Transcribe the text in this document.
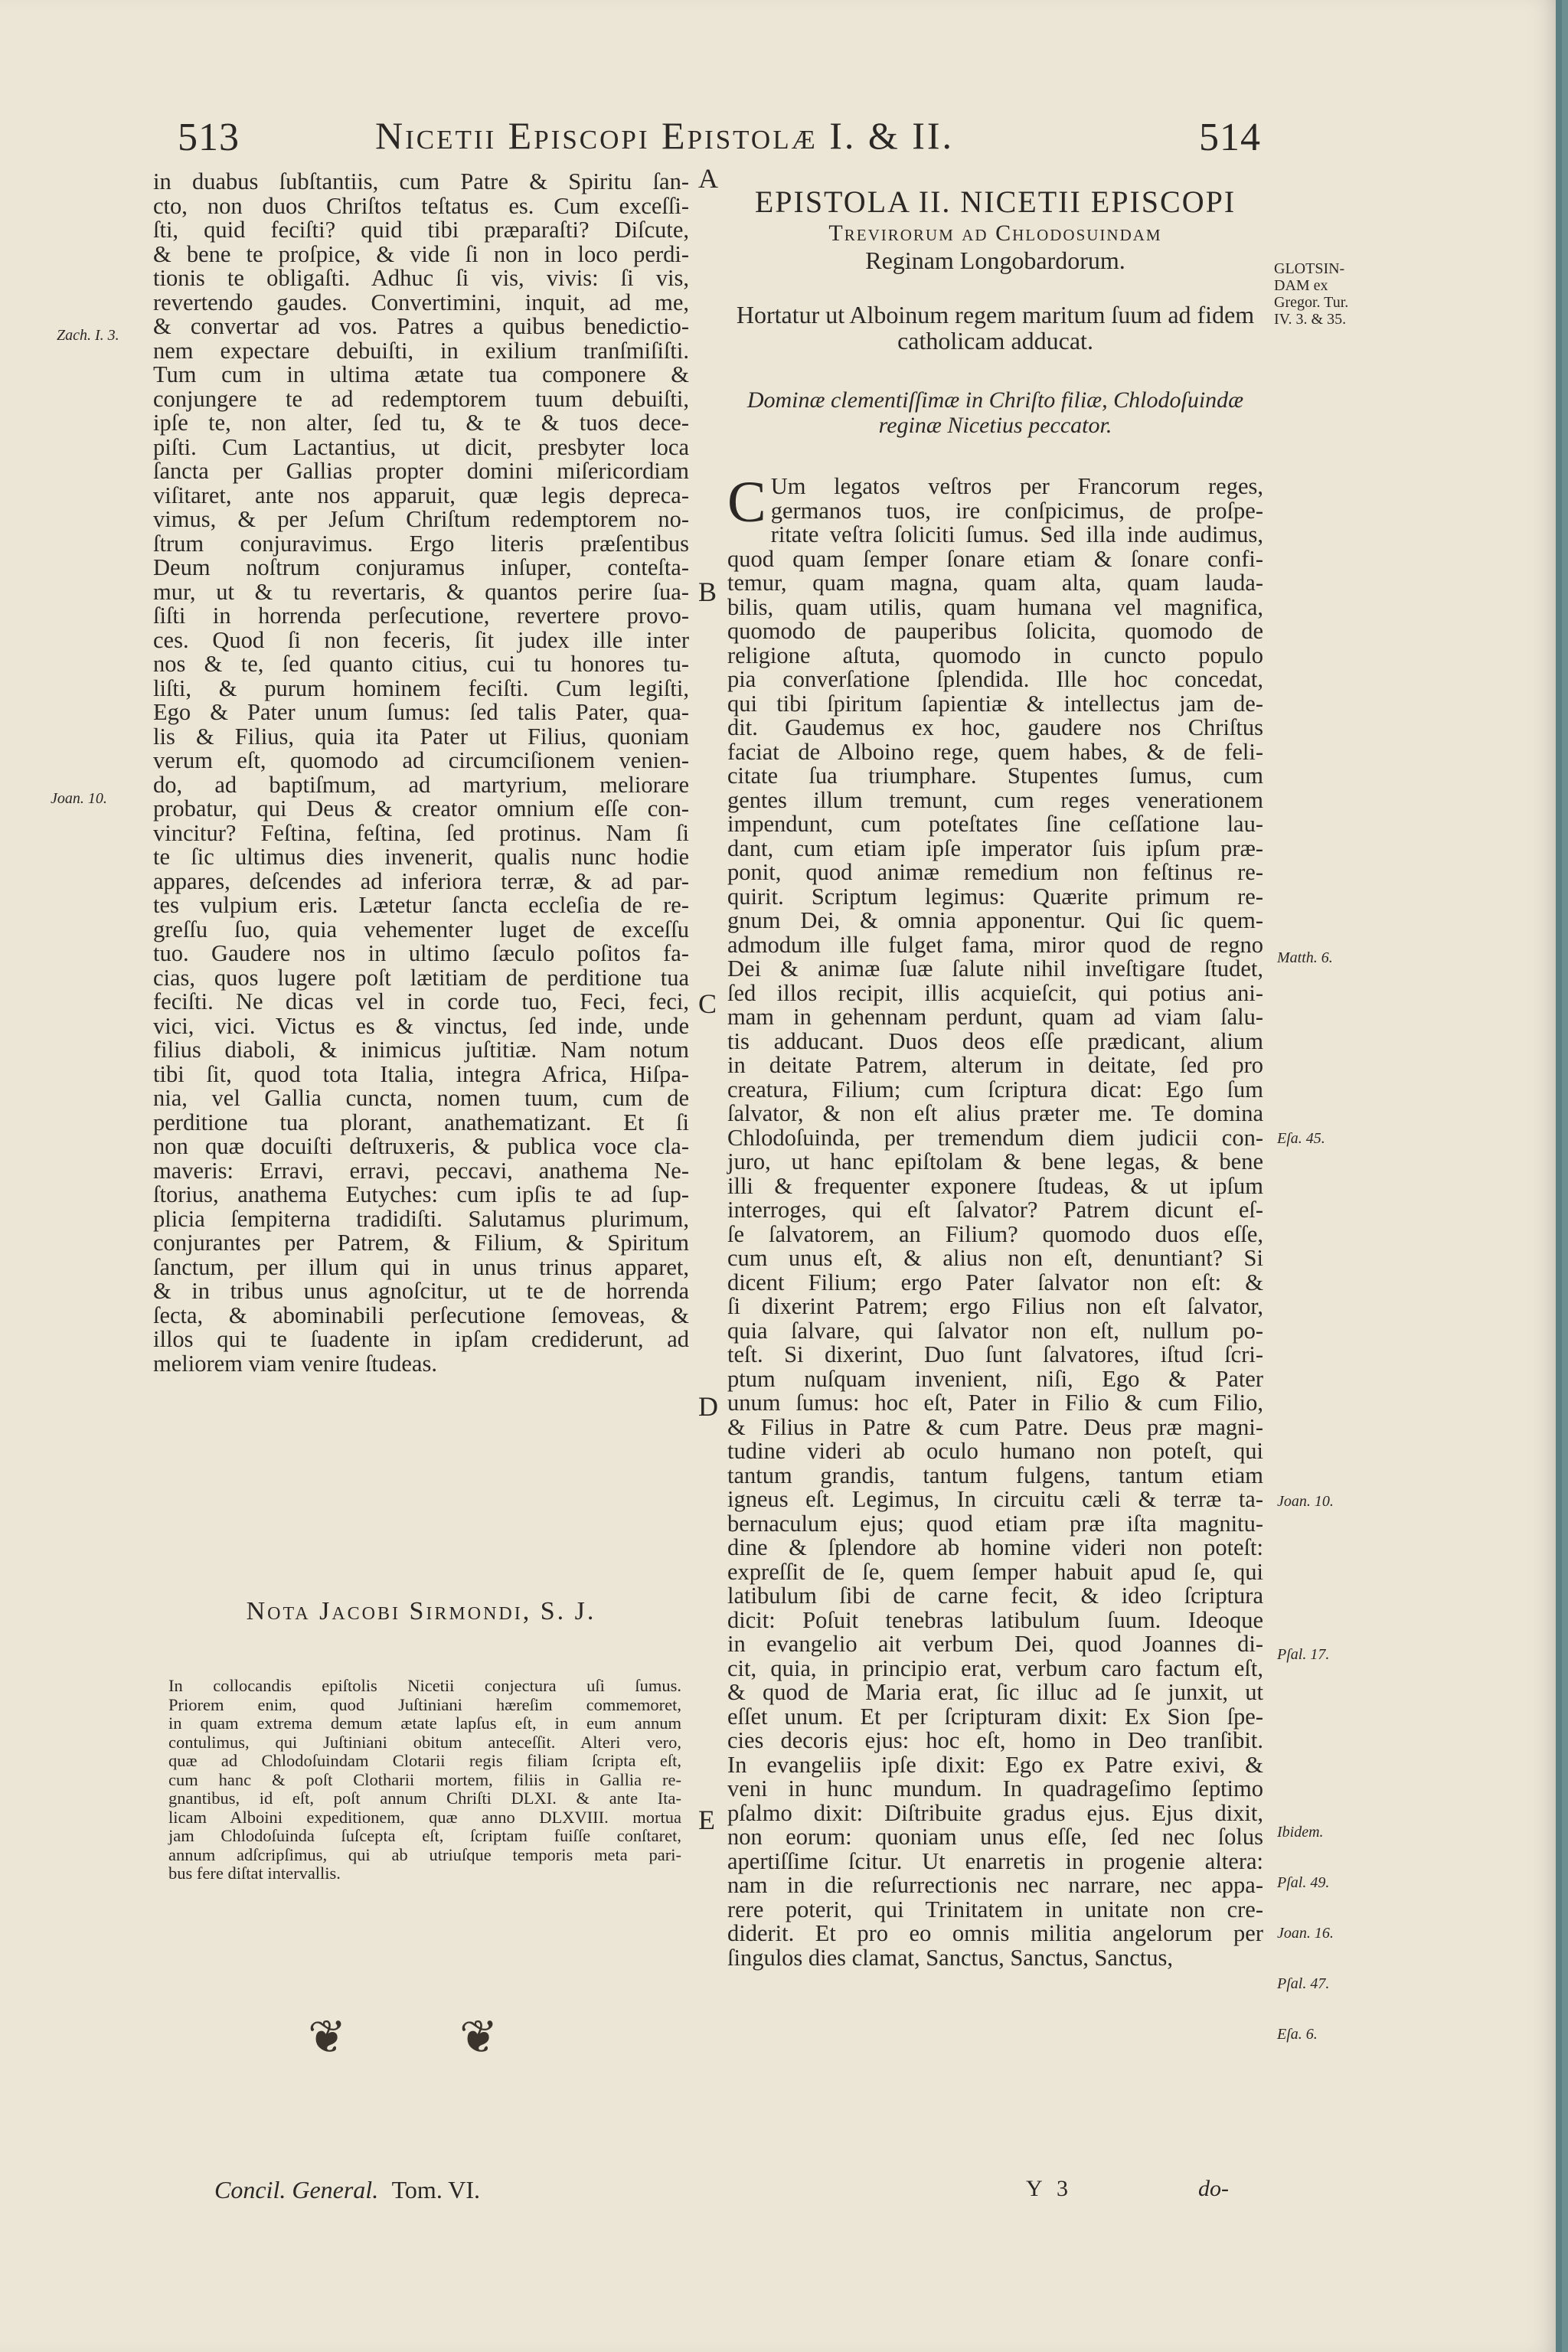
513	Nicetii Episcopi Epistolæ I. & II.	514
A
B
C
D
E
Zach. I. 3.
Joan. 10.
in duabus ſubſtantiis, cum Patre & Spiritu ſan-
cto, non duos Chriſtos teſtatus es. Cum exceſſi-
ſti, quid feciſti? quid tibi præparaſti? Diſcute,
& bene te proſpice, & vide ſi non in loco perdi-
tionis te obligaſti. Adhuc ſi vis, vivis: ſi vis,
revertendo gaudes. Convertimini, inquit, ad me,
& convertar ad vos. Patres a quibus benedictio-
nem expectare debuiſti, in exilium tranſmiſiſti.
Tum cum in ultima ætate tua componere &
conjungere te ad redemptorem tuum debuiſti,
ipſe te, non alter, ſed tu, & te & tuos dece-
piſti. Cum Lactantius, ut dicit, presbyter loca
ſancta per Gallias propter domini miſericordiam
viſitaret, ante nos apparuit, quæ legis depreca-
vimus, & per Jeſum Chriſtum redemptorem no-
ſtrum conjuravimus. Ergo literis præſentibus
Deum noſtrum conjuramus inſuper, conteſta-
mur, ut & tu revertaris, & quantos perire ſua-
ſiſti in horrenda perſecutione, revertere provo-
ces. Quod ſi non feceris, ſit judex ille inter
nos & te, ſed quanto citius, cui tu honores tu-
liſti, & purum hominem feciſti. Cum legiſti,
Ego & Pater unum ſumus: ſed talis Pater, qua-
lis & Filius, quia ita Pater ut Filius, quoniam
verum eſt, quomodo ad circumciſionem venien-
do, ad baptiſmum, ad martyrium, meliorare
probatur, qui Deus & creator omnium eſſe con-
vincitur? Feſtina, feſtina, ſed protinus. Nam ſi
te ſic ultimus dies invenerit, qualis nunc hodie
appares, deſcendes ad inferiora terræ, & ad par-
tes vulpium eris. Lætetur ſancta eccleſia de re-
greſſu ſuo, quia vehementer luget de exceſſu
tuo. Gaudere nos in ultimo ſæculo poſitos fa-
cias, quos lugere poſt lætitiam de perditione tua
feciſti. Ne dicas vel in corde tuo, Feci, feci,
vici, vici. Victus es & vinctus, ſed inde, unde
filius diaboli, & inimicus juſtitiæ. Nam notum
tibi ſit, quod tota Italia, integra Africa, Hiſpa-
nia, vel Gallia cuncta, nomen tuum, cum de
perditione tua plorant, anathematizant. Et ſi
non quæ docuiſti deſtruxeris, & publica voce cla-
maveris: Erravi, erravi, peccavi, anathema Ne-
ſtorius, anathema Eutyches: cum ipſis te ad ſup-
plicia ſempiterna tradidiſti. Salutamus plurimum,
conjurantes per Patrem, & Filium, & Spiritum
ſanctum, per illum qui in unus trinus apparet,
& in tribus unus agnoſcitur, ut te de horrenda
ſecta, & abominabili perſecutione ſemoveas, &
illos qui te ſuadente in ipſam crediderunt, ad
meliorem viam venire ſtudeas.
Nota Jacobi Sirmondi, S. J.
In collocandis epiſtolis Nicetii conjectura uſi ſumus.
Priorem enim, quod Juſtiniani hæreſim commemoret,
in quam extrema demum ætate lapſus eſt, in eum annum
contulimus, qui Juſtiniani obitum anteceſſit. Alteri vero,
quæ ad Chlodoſuindam Clotarii regis filiam ſcripta eſt,
cum hanc & poſt Clotharii mortem, filiis in Gallia re-
gnantibus, id eſt, poſt annum Chriſti DLXI. & ante Ita-
licam Alboini expeditionem, quæ anno DLXVIII. mortua
jam Chlodoſuinda ſuſcepta eſt, ſcriptam fuiſſe conſtaret,
annum adſcripſimus, qui ab utriuſque temporis meta pari-
bus fere diſtat intervallis.
❦ ❦
EPISTOLA II. NICETII EPISCOPI
Trevirorum ad Chlodosuindam
Reginam Longobardorum.
Hortatur ut Alboinum regem maritum ſuum ad fidem catholicam adducat.
Dominæ clementiſſimæ in Chriſto filiæ, Chlodoſuindæ reginæ Nicetius peccator.
GLOTSIN-
DAM ex
Gregor. Tur.
IV. 3. & 35.
Matth. 6.
Eſa. 45.
Joan. 10.
Pſal. 17.
Ibidem.
Pſal. 49.
Joan. 16.
Pſal. 47.
Eſa. 6.
C Um legatos veſtros per Francorum reges,
germanos tuos, ire conſpicimus, de proſpe-
ritate veſtra ſoliciti ſumus. Sed illa inde audimus,
quod quam ſemper ſonare etiam & ſonare confi-
temur, quam magna, quam alta, quam lauda-
bilis, quam utilis, quam humana vel magnifica,
quomodo de pauperibus ſolicita, quomodo de
religione aſtuta, quomodo in cuncto populo
pia converſatione ſplendida. Ille hoc concedat,
qui tibi ſpiritum ſapientiæ & intellectus jam de-
dit. Gaudemus ex hoc, gaudere nos Chriſtus
faciat de Alboino rege, quem habes, & de feli-
citate ſua triumphare. Stupentes ſumus, cum
gentes illum tremunt, cum reges venerationem
impendunt, cum poteſtates ſine ceſſatione lau-
dant, cum etiam ipſe imperator ſuis ipſum præ-
ponit, quod animæ remedium non feſtinus re-
quirit. Scriptum legimus: Quærite primum re-
gnum Dei, & omnia apponentur. Qui ſic quem-
admodum ille fulget fama, miror quod de regno
Dei & animæ ſuæ ſalute nihil inveſtigare ſtudet,
ſed illos recipit, illis acquieſcit, qui potius ani-
mam in gehennam perdunt, quam ad viam ſalu-
tis adducant. Duos deos eſſe prædicant, alium
in deitate Patrem, alterum in deitate, ſed pro
creatura, Filium; cum ſcriptura dicat: Ego ſum
ſalvator, & non eſt alius præter me. Te domina
Chlodoſuinda, per tremendum diem judicii con-
juro, ut hanc epiſtolam & bene legas, & bene
illi & frequenter exponere ſtudeas, & ut ipſum
interroges, qui eſt ſalvator? Patrem dicunt eſ-
ſe ſalvatorem, an Filium? quomodo duos eſſe,
cum unus eſt, & alius non eſt, denuntiant? Si
dicent Filium; ergo Pater ſalvator non eſt: &
ſi dixerint Patrem; ergo Filius non eſt ſalvator,
quia ſalvare, qui ſalvator non eſt, nullum po-
teſt. Si dixerint, Duo ſunt ſalvatores, iſtud ſcri-
ptum nuſquam invenient, niſi, Ego & Pater
unum ſumus: hoc eſt, Pater in Filio & cum Filio,
& Filius in Patre & cum Patre. Deus præ magni-
tudine videri ab oculo humano non poteſt, qui
tantum grandis, tantum fulgens, tantum etiam
igneus eſt. Legimus, In circuitu cæli & terræ ta-
bernaculum ejus; quod etiam præ iſta magnitu-
dine & ſplendore ab homine videri non poteſt:
expreſſit de ſe, quem ſemper habuit apud ſe, qui
latibulum ſibi de carne fecit, & ideo ſcriptura
dicit: Poſuit tenebras latibulum ſuum. Ideoque
in evangelio ait verbum Dei, quod Joannes di-
cit, quia, in principio erat, verbum caro factum eſt,
& quod de Maria erat, ſic illuc ad ſe junxit, ut
eſſet unum. Et per ſcripturam dixit: Ex Sion ſpe-
cies decoris ejus: hoc eſt, homo in Deo tranſibit.
In evangeliis ipſe dixit: Ego ex Patre exivi, &
veni in hunc mundum. In quadrageſimo ſeptimo
pſalmo dixit: Diſtribuite gradus ejus. Ejus dixit,
non eorum: quoniam unus eſſe, ſed nec ſolus
apertiſſime ſcitur. Ut enarretis in progenie altera:
nam in die reſurrectionis nec narrare, nec appa-
rere poterit, qui Trinitatem in unitate non cre-
diderit. Et pro eo omnis militia angelorum per
ſingulos dies clamat, Sanctus, Sanctus, Sanctus,
Concil. General. Tom. VI.	Y 3	do-
